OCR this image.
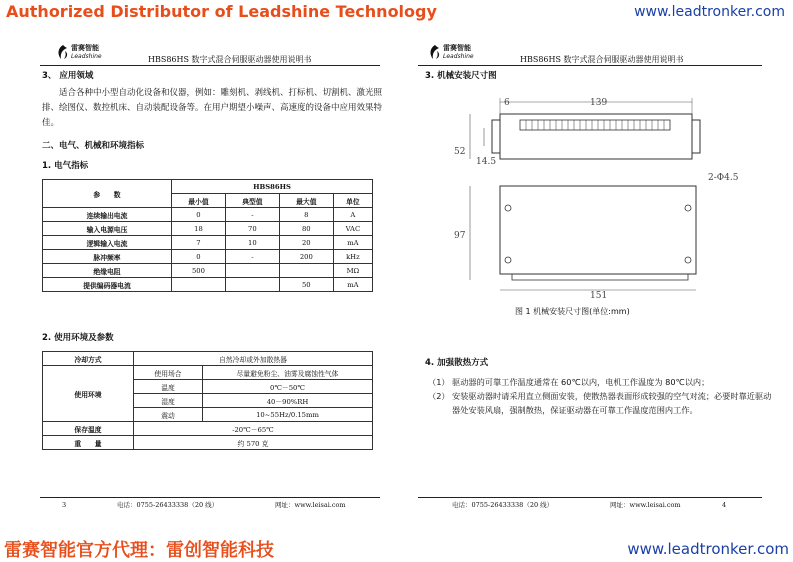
Authorized Distributor of Leadshine Technology	www.leadtronker.com
雷赛智能官方代理：雷创智能科技	www.leadtronker.com
雷赛智能
Leadshine	HBS86HS 数字式混合伺服驱动器使用说明书
3、 应用领域
适合各种中小型自动化设备和仪器，例如：雕刻机、剥线机、打标机、切割机、激光照排、绘图仪、数控机床、自动装配设备等。在用户期望小噪声、高速度的设备中应用效果特佳。
二、电气、机械和环境指标
1. 电气指标
参　　数	HBS86HS			
	最小值	典型值	最大值	单位
连续输出电流	0	-	8	A
输入电源电压	18	70	80	VAC
逻辑输入电流	7	10	20	mA
脉冲频率	0	-	200	kHz
绝缘电阻	500			MΩ
提供编码器电流			50	mA
2. 使用环境及参数
冷却方式	自然冷却或外加散热器	
使用环境	使用场合	尽量避免粉尘、油雾及腐蚀性气体
	温度	0℃－50℃
	湿度	40－90%RH
	震动	10~55Hz/0.15mm
保存温度	-20℃－65℃	
重　　量	约 570 克	
3	电话：0755-26433338（20 线）	网址：www.leisai.com
雷赛智能
Leadshine	HBS86HS 数字式混合伺服驱动器使用说明书
3. 机械安装尺寸图
139
6
52
14.5
2-Φ4.5
97
151
图 1 机械安装尺寸图(单位:mm)
4. 加强散热方式
（1） 驱动器的可靠工作温度通常在 60℃以内，电机工作温度为 80℃以内；
（2） 安装驱动器时请采用直立侧面安装，使散热器表面形成较强的空气对流；必要时靠近驱动器处安装风扇，强制散热，保证驱动器在可靠工作温度范围内工作。
电话：0755-26433338（20 线）	网址：www.leisai.com	4
